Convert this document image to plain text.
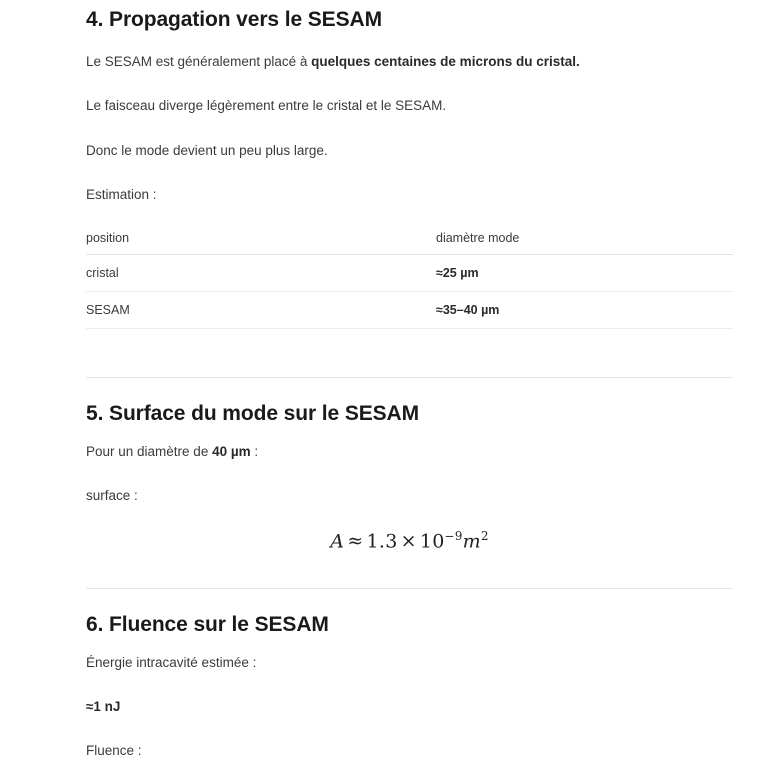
4. Propagation vers le SESAM

Le SESAM est généralement placé à quelques centaines de microns du cristal.

Le faisceau diverge légèrement entre le cristal et le SESAM.

Donc le mode devient un peu plus large.

Estimation :

position	diamètre mode
cristal	≈25 µm
SESAM	≈35–40 µm
5. Surface du mode sur le SESAM

Pour un diamètre de 40 µm :

surface :

$A \approx 1.3 \times 10^{-9}m^2$
6. Fluence sur le SESAM

Énergie intracavité estimée :

≈1 nJ

Fluence :
